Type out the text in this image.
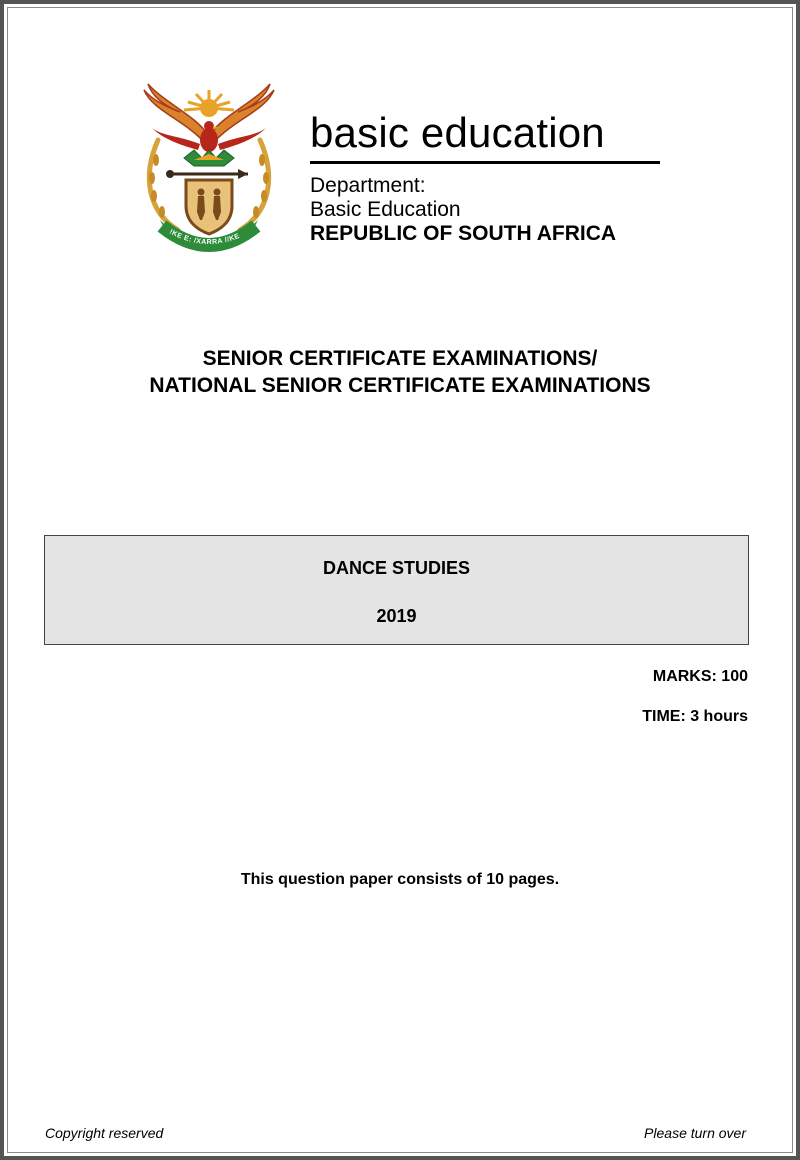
!KE E: /XARRA //KE
basic education
Department:
Basic Education
REPUBLIC OF SOUTH AFRICA
SENIOR CERTIFICATE EXAMINATIONS/
NATIONAL SENIOR CERTIFICATE EXAMINATIONS
DANCE STUDIES
2019
MARKS: 100
TIME: 3 hours
This question paper consists of 10 pages.
Copyright reserved	Please turn over
